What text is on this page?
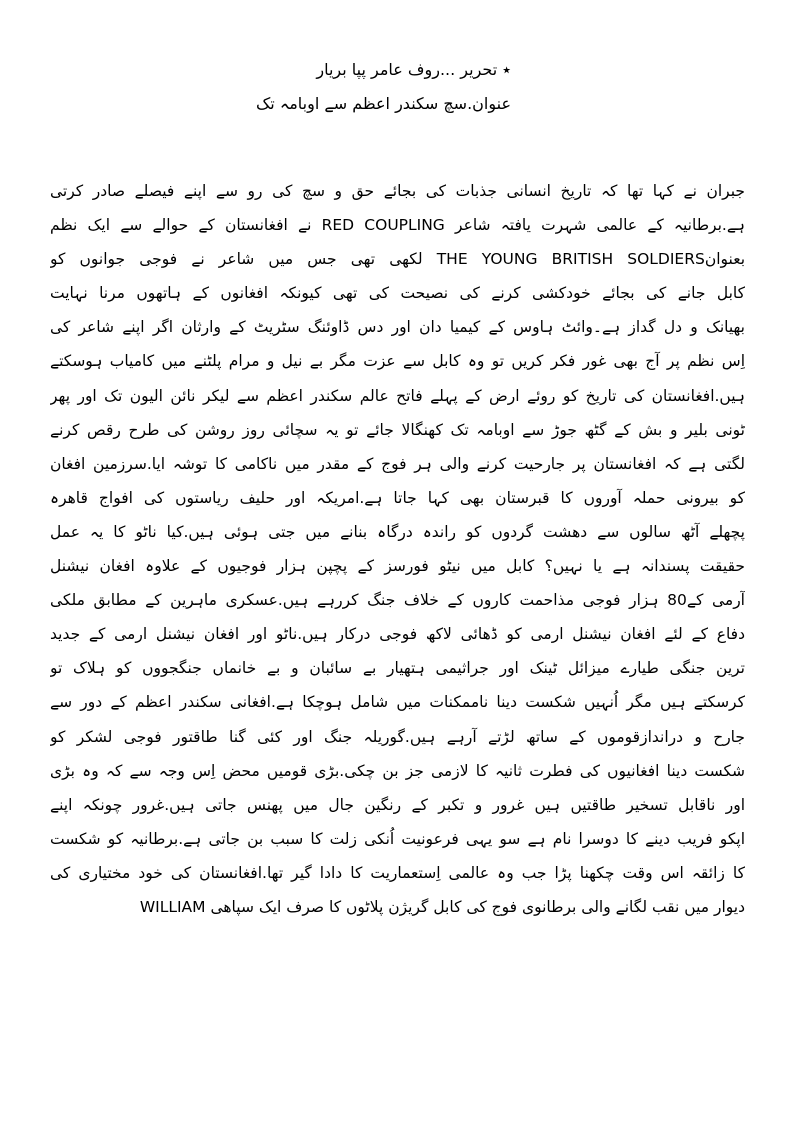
٭ تحریر ...روف عامر پپا بریار
عنوان.سچ سکندر اعظم سے اوبامہ تک
جبران نے کہا تھا کہ تاریخ انسانی جذبات کی بجائے حق و سچ کی رو سے اپنے فیصلے صادر کرتی
ہے.برطانیہ کے عالمی شہرت یافتہ شاعر RED COUPLING نے افغانستان کے حوالے سے ایک نظم
بعنوانTHE YOUNG BRITISH SOLDIERS لکھی تھی جس میں شاعر نے فوجی جوانوں کو
کابل جانے کی بجائے خودکشی کرنے کی نصیحت کی تھی کیونکہ افغانوں کے ہاتھوں مرنا نہایت
بھیانک و دل گداز ہے۔وائٹ ہاوس کے کیمیا دان اور دس ڈاوئنگ سٹریٹ کے وارثان اگر اپنے شاعر کی
اِس نظم پر آج بھی غور فکر کریں تو وہ کابل سے عزت مگر بے نیل و مرام پلٹنے میں کامیاب ہوسکتے
ہیں.افغانستان کی تاریخ کو روئے ارض کے پہلے فاتح عالم سکندر اعظم سے لیکر نائن الیون تک اور پھر
ٹونی بلیر و بش کے گٹھ جوڑ سے اوبامہ تک کھنگالا جائے تو یہ سچائی روز روشن کی طرح رقص کرنے
لگتی ہے کہ افغانستان پر جارحیت کرنے والی ہر فوج کے مقدر میں ناکامی کا توشہ ایا.سرزمین افغان
کو بیرونی حملہ آوروں کا قبرستان بھی کہا جاتا ہے.امریکہ اور حلیف ریاستوں کی افواج قاھرہ
پچھلے آٹھ سالوں سے دھشت گردوں کو راندہ درگاہ بنانے میں جتی ہوئی ہیں.کیا ناٹو کا یہ عمل
حقیقت پسندانہ ہے یا نہیں؟ کابل میں نیٹو فورسز کے پچپن ہزار فوجیوں کے علاوہ افغان نیشنل
آرمی کے80 ہزار فوجی مذاحمت کاروں کے خلاف جنگ کررہے ہیں.عسکری ماہرین کے مطابق ملکی
دفاع کے لئے افغان نیشنل ارمی کو ڈھائی لاکھ فوجی درکار ہیں.ناٹو اور افغان نیشنل ارمی کے جدید
ترین جنگی طیارے میزائل ٹینک اور جراثیمی ہتھیار بے سائبان و بے خانماں جنگجووں کو ہلاک تو
کرسکتے ہیں مگر اُنہیں شکست دینا ناممکنات میں شامل ہوچکا ہے.افغانی سکندر اعظم کے دور سے
جارح و دراندازقوموں کے ساتھ لڑتے آرہے ہیں.گوریلہ جنگ اور کئی گنا طاقتور فوجی لشکر کو
شکست دینا افغانیوں کی فطرت ثانیہ کا لازمی جز بن چکی.بڑی قومیں محض اِس وجہ سے کہ وہ بڑی
اور ناقابل تسخیر طاقتیں ہیں غرور و تکبر کے رنگین جال میں پھنس جاتی ہیں.غرور چونکہ اپنے
اپکو فریب دینے کا دوسرا نام ہے سو یہی فرعونیت اُنکی زلت کا سبب بن جاتی ہے.برطانیہ کو شکست
کا زائقہ اس وقت چکھنا پڑا جب وہ عالمی اِستعماریت کا دادا گیر تھا.افغانستان کی خود مختیاری کی
دیوار میں نقب لگانے والی برطانوی فوج کی کابل گریژن پلاٹوں کا صرف ایک سپاھی WILLIAM
